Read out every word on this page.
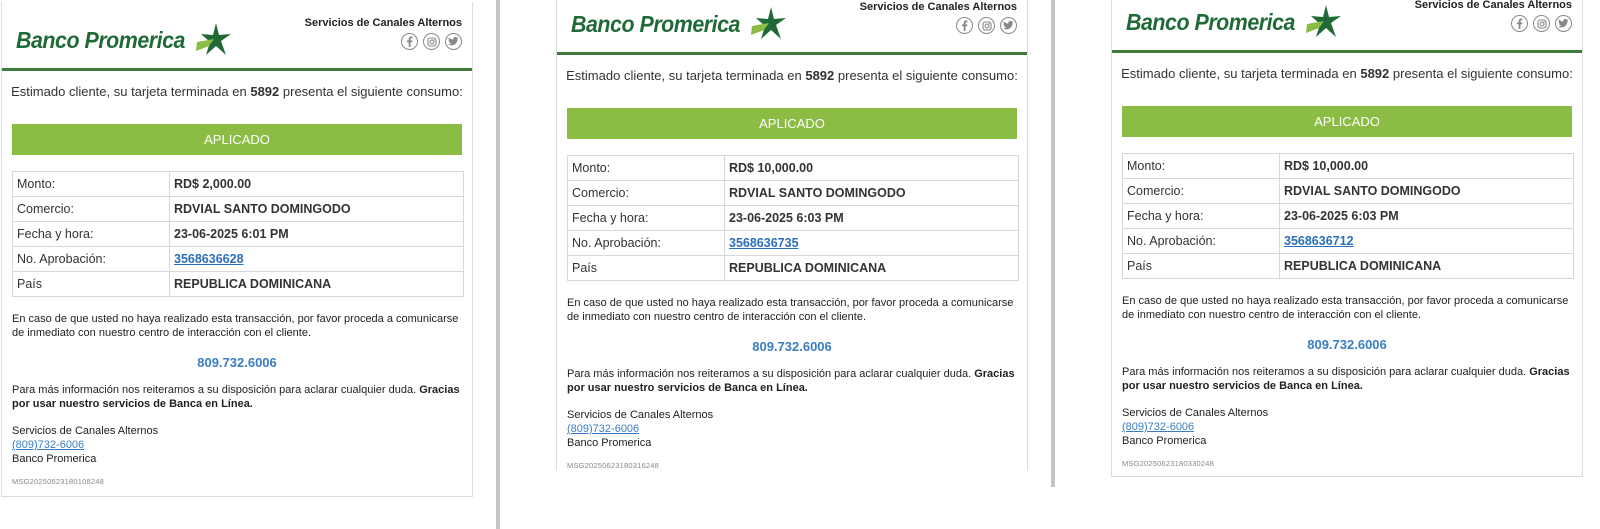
Banco Promerica
Servicios de Canales Alternos
Estimado cliente, su tarjeta terminada en 5892 presenta el siguiente consumo:
APLICADO
Monto:	RD$ 2,000.00
Comercio:	RDVIAL SANTO DOMINGODO
Fecha y hora:	23-06-2025 6:01 PM
No. Aprobación:	3568636628
País	REPUBLICA DOMINICANA
En caso de que usted no haya realizado esta transacción, por favor proceda a comunicarse de inmediato con nuestro centro de interacción con el cliente.
809.732.6006
Para más información nos reiteramos a su disposición para aclarar cualquier duda. Gracias por usar nuestro servicios de Banca en Línea.
Servicios de Canales Alternos
(809)732-6006
Banco Promerica
MSG20250623180108248
Banco Promerica
Servicios de Canales Alternos
Estimado cliente, su tarjeta terminada en 5892 presenta el siguiente consumo:
APLICADO
Monto:	RD$ 10,000.00
Comercio:	RDVIAL SANTO DOMINGODO
Fecha y hora:	23-06-2025 6:03 PM
No. Aprobación:	3568636735
País	REPUBLICA DOMINICANA
En caso de que usted no haya realizado esta transacción, por favor proceda a comunicarse de inmediato con nuestro centro de interacción con el cliente.
809.732.6006
Para más información nos reiteramos a su disposición para aclarar cualquier duda. Gracias por usar nuestro servicios de Banca en Línea.
Servicios de Canales Alternos
(809)732-6006
Banco Promerica
MSG20250623180316248
Banco Promerica
Servicios de Canales Alternos
Estimado cliente, su tarjeta terminada en 5892 presenta el siguiente consumo:
APLICADO
Monto:	RD$ 10,000.00
Comercio:	RDVIAL SANTO DOMINGODO
Fecha y hora:	23-06-2025 6:03 PM
No. Aprobación:	3568636712
País	REPUBLICA DOMINICANA
En caso de que usted no haya realizado esta transacción, por favor proceda a comunicarse de inmediato con nuestro centro de interacción con el cliente.
809.732.6006
Para más información nos reiteramos a su disposición para aclarar cualquier duda. Gracias por usar nuestro servicios de Banca en Línea.
Servicios de Canales Alternos
(809)732-6006
Banco Promerica
MSG20250623180330248
